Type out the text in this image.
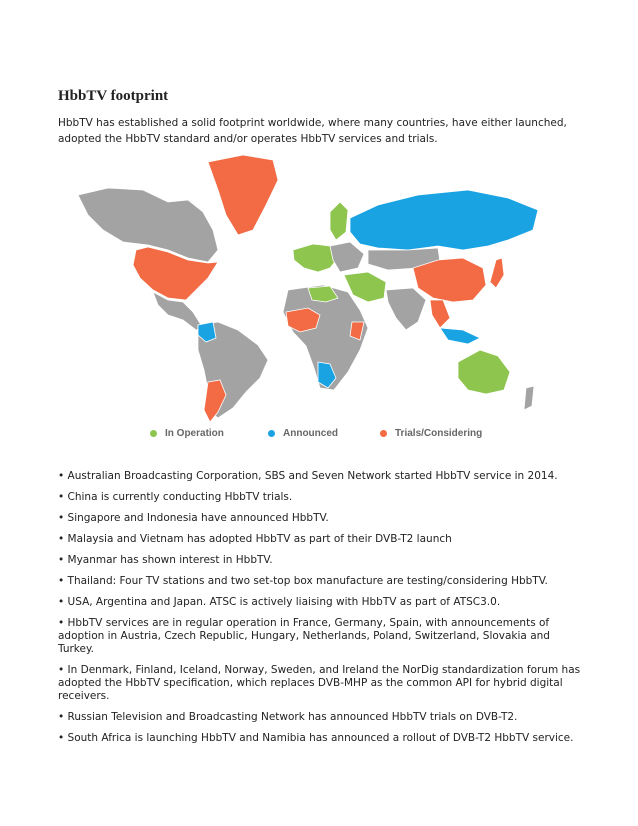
HbbTV footprint
HbbTV has established a solid footprint worldwide, where many countries, have either launched, adopted the HbbTV standard and/or operates HbbTV services and trials.
In Operation	Announced	Trials/Considering

• Australian Broadcasting Corporation, SBS and Seven Network started HbbTV service in 2014.

• China is currently conducting HbbTV trials.

• Singapore and Indonesia have announced HbbTV.

• Malaysia and Vietnam has adopted HbbTV as part of their DVB-T2 launch

• Myanmar has shown interest in HbbTV.

• Thailand: Four TV stations and two set-top box manufacture are testing/considering HbbTV.

• USA, Argentina and Japan. ATSC is actively liaising with HbbTV as part of ATSC3.0.

• HbbTV services are in regular operation in France, Germany, Spain, with announcements of adoption in Austria, Czech Republic, Hungary, Netherlands, Poland, Switzerland, Slovakia and Turkey.

• In Denmark, Finland, Iceland, Norway, Sweden, and Ireland the NorDig standardization forum has adopted the HbbTV specification, which replaces DVB-MHP as the common API for hybrid digital receivers.

• Russian Television and Broadcasting Network has announced HbbTV trials on DVB-T2.

• South Africa is launching HbbTV and Namibia has announced a rollout of DVB-T2 HbbTV service.
